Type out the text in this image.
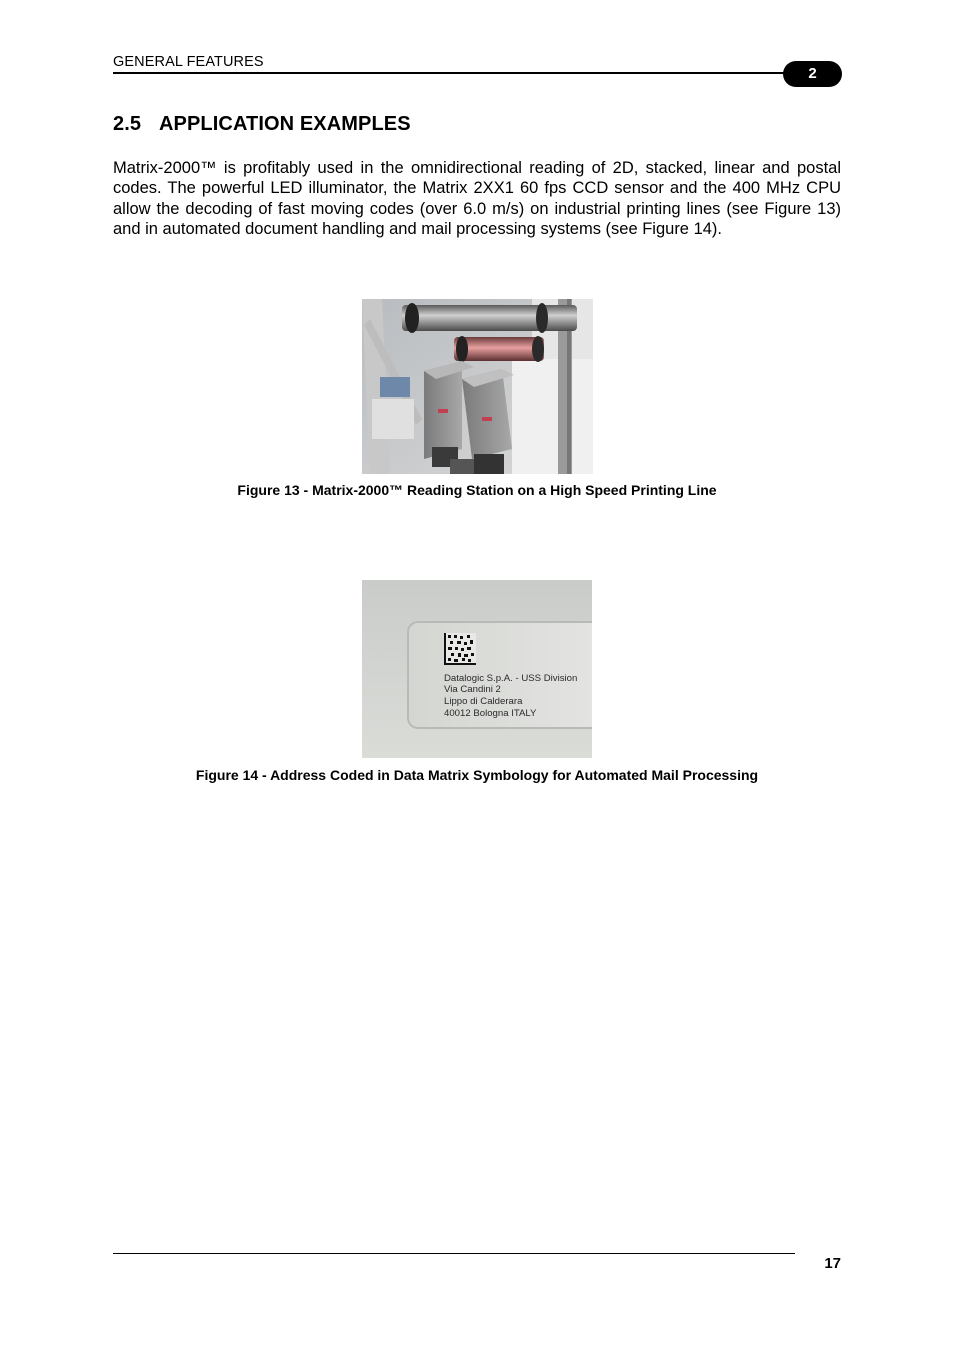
GENERAL FEATURES
2
2.5 APPLICATION EXAMPLES
Matrix-2000™ is profitably used in the omnidirectional reading of 2D, stacked, linear and postal codes. The powerful LED illuminator, the Matrix 2XX1 60 fps CCD sensor and the 400 MHz CPU allow the decoding of fast moving codes (over 6.0 m/s) on industrial printing lines (see Figure 13) and in automated document handling and mail processing systems (see Figure 14).
Figure 13 - Matrix-2000™ Reading Station on a High Speed Printing Line
Datalogic S.p.A. - USS Division
Via Candini 2
Lippo di Calderara
40012 Bologna ITALY
Figure 14 - Address Coded in Data Matrix Symbology for Automated Mail Processing
17
